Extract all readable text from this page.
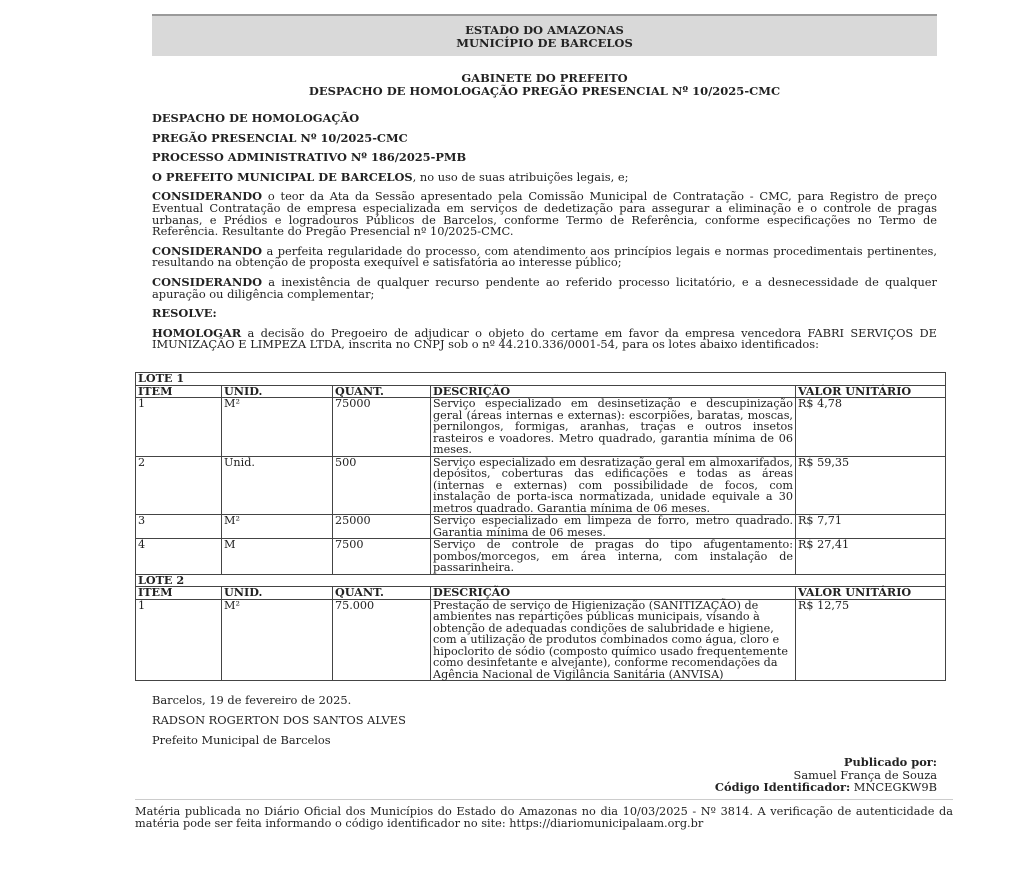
ESTADO DO AMAZONAS
MUNICÍPIO DE BARCELOS
GABINETE DO PREFEITO
DESPACHO DE HOMOLOGAÇÃO PREGÃO PRESENCIAL Nº 10/2025-CMC

DESPACHO DE HOMOLOGAÇÃO

PREGÃO PRESENCIAL Nº 10/2025-CMC

PROCESSO ADMINISTRATIVO Nº 186/2025-PMB

O PREFEITO MUNICIPAL DE BARCELOS, no uso de suas atribuições legais, e;

CONSIDERANDO o teor da Ata da Sessão apresentado pela Comissão Municipal de Contratação - CMC, para Registro de preço Eventual Contratação de empresa especializada em serviços de dedetização para assegurar a eliminação e o controle de pragas urbanas, e Prédios e logradouros Públicos de Barcelos, conforme Termo de Referência, conforme especificações no Termo de Referência. Resultante do Pregão Presencial nº 10/2025-CMC.

CONSIDERANDO a perfeita regularidade do processo, com atendimento aos princípios legais e normas procedimentais pertinentes, resultando na obtenção de proposta exequível e satisfatória ao interesse público;

CONSIDERANDO a inexistência de qualquer recurso pendente ao referido processo licitatório, e a desnecessidade de qualquer apuração ou diligência complementar;

RESOLVE:

HOMOLOGAR a decisão do Pregoeiro de adjudicar o objeto do certame em favor da empresa vencedora FABRI SERVIÇOS DE IMUNIZAÇÃO E LIMPEZA LTDA, inscrita no CNPJ sob o nº 44.210.336/0001-54, para os lotes abaixo identificados:

LOTE 1				
ITEM	UNID.	QUANT.	DESCRIÇÃO	VALOR UNITÁRIO
1	M²	75000	Serviço especializado em desinsetização e descupinização geral (áreas internas e externas): escorpiões, baratas, moscas, pernilongos, formigas, aranhas, traças e outros insetos rasteiros e voadores. Metro quadrado, garantia mínima de 06 meses.	R$ 4,78
2	Unid.	500	Serviço especializado em desratização geral em almoxarifados, depósitos, coberturas das edificações e todas as áreas (internas e externas) com possibilidade de focos, com instalação de porta-isca normatizada, unidade equivale a 30 metros quadrado. Garantia mínima de 06 meses.	R$ 59,35
3	M²	25000	Serviço especializado em limpeza de forro, metro quadrado. Garantia mínima de 06 meses.	R$ 7,71
4	M	7500	Serviço de controle de pragas do tipo afugentamento: pombos/morcegos, em área interna, com instalação de passarinheira.	R$ 27,41
LOTE 2				
ITEM	UNID.	QUANT.	DESCRIÇÃO	VALOR UNITÁRIO
1	M²	75.000	Prestação de serviço de Higienização (SANITIZAÇÃO) de ambientes nas repartições públicas municipais, visando à obtenção de adequadas condições de salubridade e higiene, com a utilização de produtos combinados como água, cloro e hipoclorito de sódio (composto químico usado frequentemente como desinfetante e alvejante), conforme recomendações da Agência Nacional de Vigilância Sanitária (ANVISA)	R$ 12,75

Barcelos, 19 de fevereiro de 2025.

RADSON ROGERTON DOS SANTOS ALVES

Prefeito Municipal de Barcelos

Publicado por:
Samuel França de Souza
Código Identificador: MNCEGKW9B
Matéria publicada no Diário Oficial dos Municípios do Estado do Amazonas no dia 10/03/2025 - Nº 3814. A verificação de autenticidade da matéria pode ser feita informando o código identificador no site: https://diariomunicipalaam.org.br
